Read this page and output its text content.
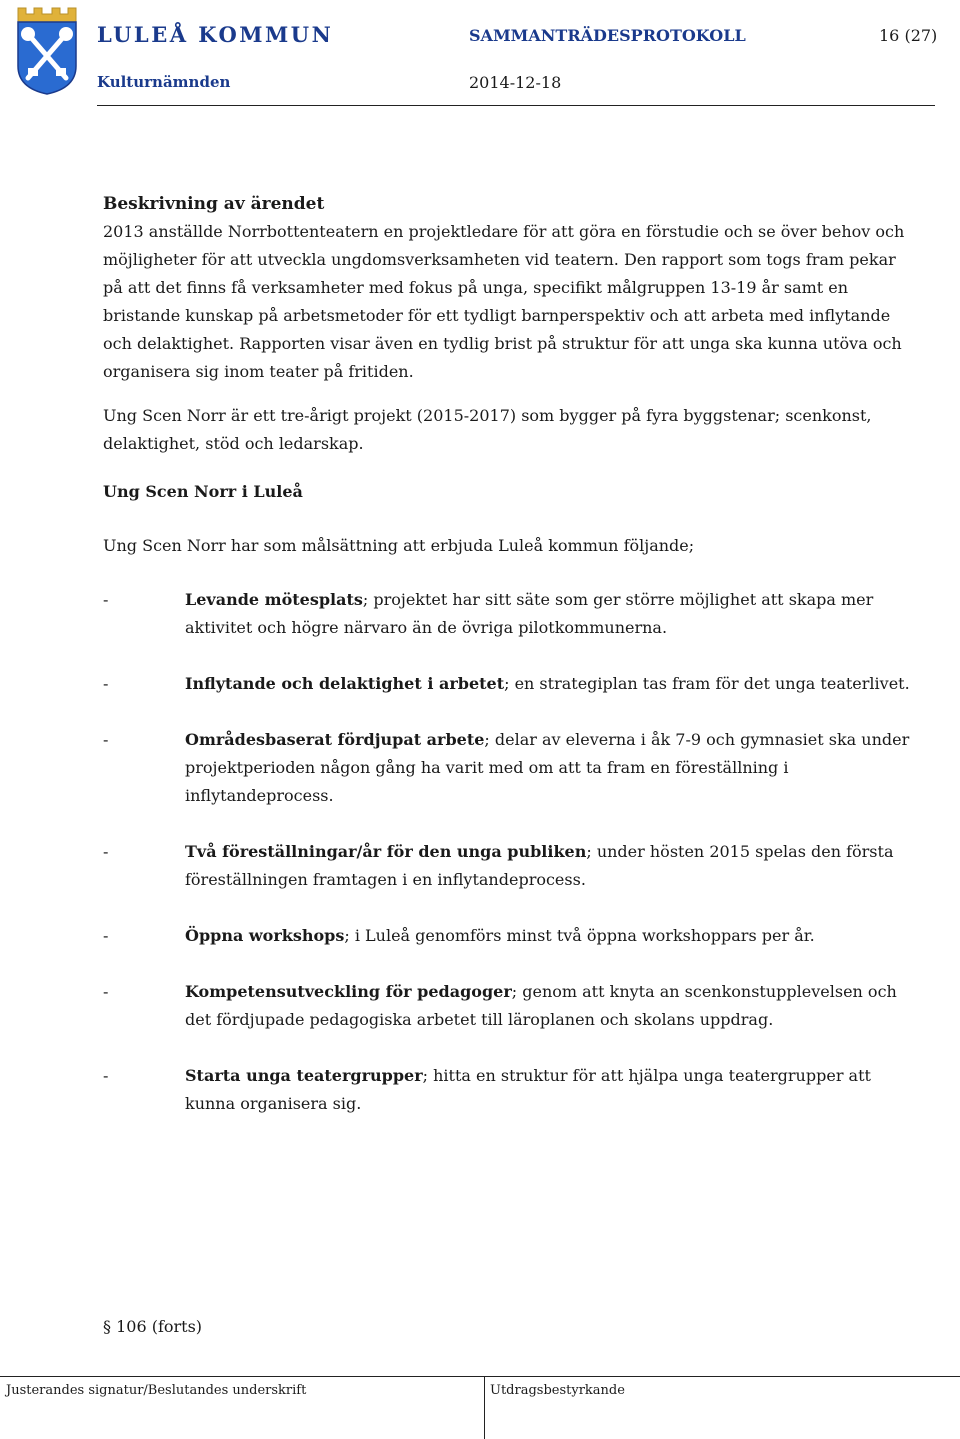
LULEÅ KOMMUN
Kulturnämnden
SAMMANTRÄDESPROTOKOLL	16 (27)
2014-12-18

Beskrivning av ärendet

2013 anställde Norrbottenteatern en projektledare för att göra en förstudie och se över behov och möjligheter för att utveckla ungdomsverksamheten vid teatern. Den rapport som togs fram pekar på att det finns få verksamheter med fokus på unga, specifikt målgruppen 13-19 år samt en bristande kunskap på arbetsmetoder för ett tydligt barnperspektiv och att arbeta med inflytande och delaktighet. Rapporten visar även en tydlig brist på struktur för att unga ska kunna utöva och organisera sig inom teater på fritiden.

Ung Scen Norr är ett tre-årigt projekt (2015-2017) som bygger på fyra byggstenar; scenkonst, delaktighet, stöd och ledarskap.

Ung Scen Norr i Luleå

Ung Scen Norr har som målsättning att erbjuda Luleå kommun följande;

-	Levande mötesplats; projektet har sitt säte som ger större möjlighet att skapa mer aktivitet och högre närvaro än de övriga pilotkommunerna.
-	Inflytande och delaktighet i arbetet; en strategiplan tas fram för det unga teaterlivet.
-	Områdesbaserat fördjupat arbete; delar av eleverna i åk 7-9 och gymnasiet ska under projektperioden någon gång ha varit med om att ta fram en föreställning i inflytandeprocess.
-	Två föreställningar/år för den unga publiken; under hösten 2015 spelas den första föreställningen framtagen i en inflytandeprocess.
-	Öppna workshops; i Luleå genomförs minst två öppna workshoppars per år.
-	Kompetensutveckling för pedagoger; genom att knyta an scenkonstupplevelsen och det fördjupade pedagogiska arbetet till läroplanen och skolans uppdrag.
-	Starta unga teatergrupper; hitta en struktur för att hjälpa unga teatergrupper att kunna organisera sig.
§ 106 (forts)
Justerandes signatur/Beslutandes underskrift	Utdragsbestyrkande
